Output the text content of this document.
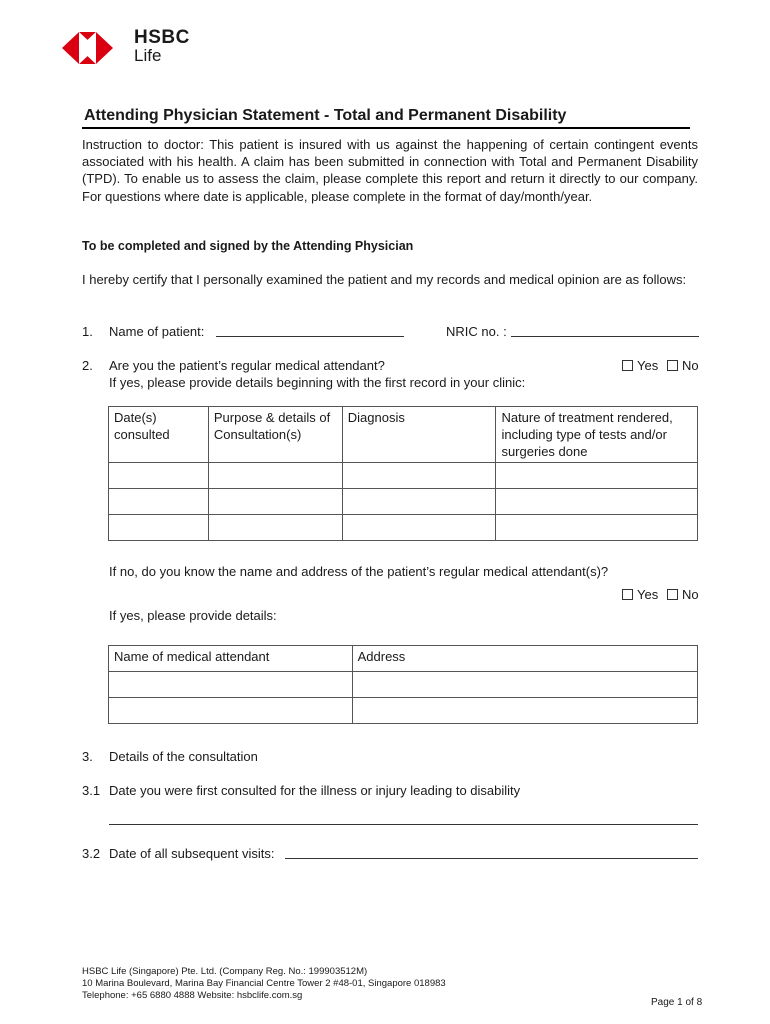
HSBC
Life
Attending Physician Statement - Total and Permanent Disability
Instruction to doctor: This patient is insured with us against the happening of certain contingent events associated with his health. A claim has been submitted in connection with Total and Permanent Disability (TPD). To enable us to assess the claim, please complete this report and return it directly to our company. For questions where date is applicable, please complete in the format of day/month/year.
To be completed and signed by the Attending Physician
I hereby certify that I personally examined the patient and my records and medical opinion are as follows:
1. Name of patient:	NRIC no. :
2. Are you the patient’s regular medical attendant?	Yes	No
If yes, please provide details beginning with the first record in your clinic:
Date(s) consulted	Purpose & details of Consultation(s)	Diagnosis	Nature of treatment rendered, including type of tests and/or surgeries done

If no, do you know the name and address of the patient’s regular medical attendant(s)?
Yes	No
If yes, please provide details:
Name of medical attendant	Address

3. Details of the consultation
3.1 Date you were first consulted for the illness or injury leading to disability
3.2 Date of all subsequent visits:
HSBC Life (Singapore) Pte. Ltd. (Company Reg. No.: 199903512M)
10 Marina Boulevard, Marina Bay Financial Centre Tower 2 #48-01, Singapore 018983
Telephone: +65 6880 4888 Website: hsbclife.com.sg
Page 1 of 8
